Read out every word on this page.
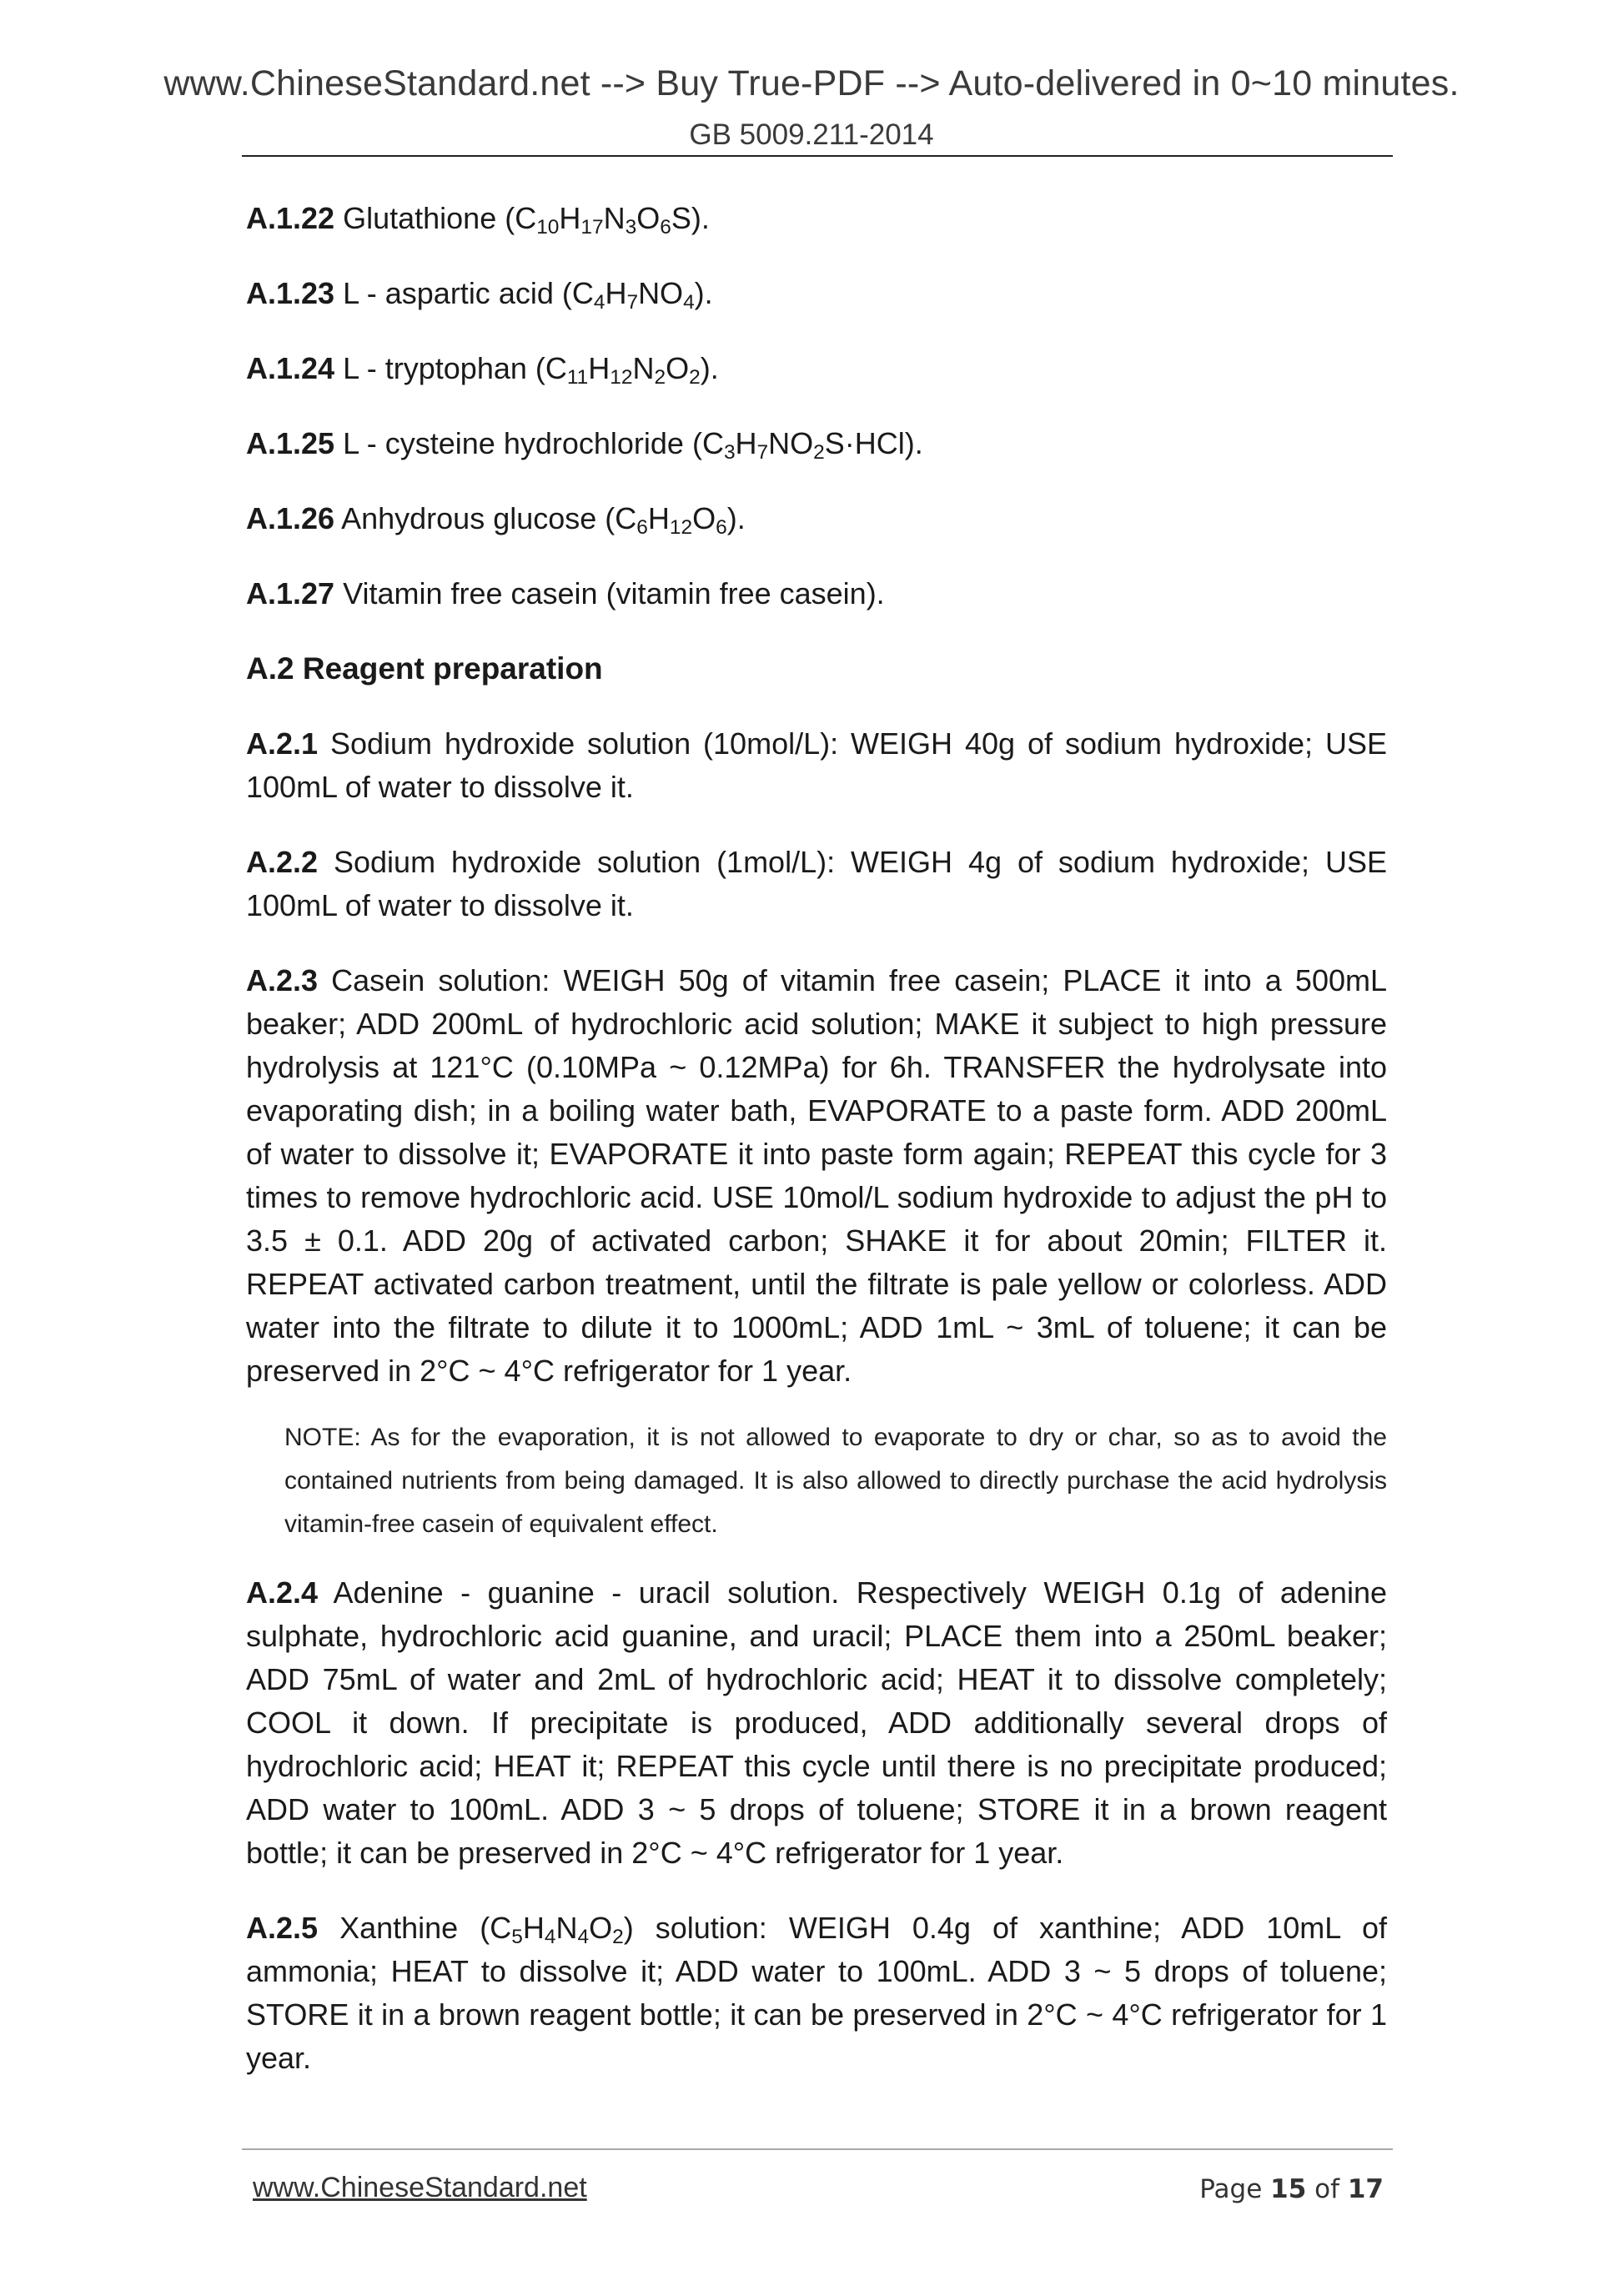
www.ChineseStandard.net --> Buy True-PDF --> Auto-delivered in 0~10 minutes.
GB 5009.211-2014

A.1.22 Glutathione $(C_{10}H_{17}N_3O_6S)$.

A.1.23 L - aspartic acid $(C_4H_7NO_4)$.

A.1.24 L - tryptophan $(C_{11}H_{12}N_2O_2)$.

A.1.25 L - cysteine hydrochloride $(C_3H_7NO_2S\cdot HCl)$.

A.1.26 Anhydrous glucose $(C_6H_{12}O_6)$.

A.1.27 Vitamin free casein (vitamin free casein).

A.2 Reagent preparation

A.2.1 Sodium hydroxide solution (10mol/L): WEIGH 40g of sodium hydroxide; USE 100mL of water to dissolve it.

A.2.2 Sodium hydroxide solution (1mol/L): WEIGH 4g of sodium hydroxide; USE 100mL of water to dissolve it.

A.2.3 Casein solution: WEIGH 50g of vitamin free casein; PLACE it into a 500mL beaker; ADD 200mL of hydrochloric acid solution; MAKE it subject to high pressure hydrolysis at 121°C (0.10MPa ~ 0.12MPa) for 6h. TRANSFER the hydrolysate into evaporating dish; in a boiling water bath, EVAPORATE to a paste form. ADD 200mL of water to dissolve it; EVAPORATE it into paste form again; REPEAT this cycle for 3 times to remove hydrochloric acid. USE 10mol/L sodium hydroxide to adjust the pH to 3.5 ± 0.1. ADD 20g of activated carbon; SHAKE it for about 20min; FILTER it. REPEAT activated carbon treatment, until the filtrate is pale yellow or colorless. ADD water into the filtrate to dilute it to 1000mL; ADD 1mL ~ 3mL of toluene; it can be preserved in 2°C ~ 4°C refrigerator for 1 year.

NOTE: As for the evaporation, it is not allowed to evaporate to dry or char, so as to avoid the contained nutrients from being damaged. It is also allowed to directly purchase the acid hydrolysis vitamin-free casein of equivalent effect.

A.2.4 Adenine - guanine - uracil solution. Respectively WEIGH 0.1g of adenine sulphate, hydrochloric acid guanine, and uracil; PLACE them into a 250mL beaker; ADD 75mL of water and 2mL of hydrochloric acid; HEAT it to dissolve completely; COOL it down. If precipitate is produced, ADD additionally several drops of hydrochloric acid; HEAT it; REPEAT this cycle until there is no precipitate produced; ADD water to 100mL. ADD 3 ~ 5 drops of toluene; STORE it in a brown reagent bottle; it can be preserved in 2°C ~ 4°C refrigerator for 1 year.

A.2.5 Xanthine $(C_5H_4N_4O_2)$ solution: WEIGH 0.4g of xanthine; ADD 10mL of ammonia; HEAT to dissolve it; ADD water to 100mL. ADD 3 ~ 5 drops of toluene; STORE it in a brown reagent bottle; it can be preserved in 2°C ~ 4°C refrigerator for 1 year.

www.ChineseStandard.net	Page 15 of 17
